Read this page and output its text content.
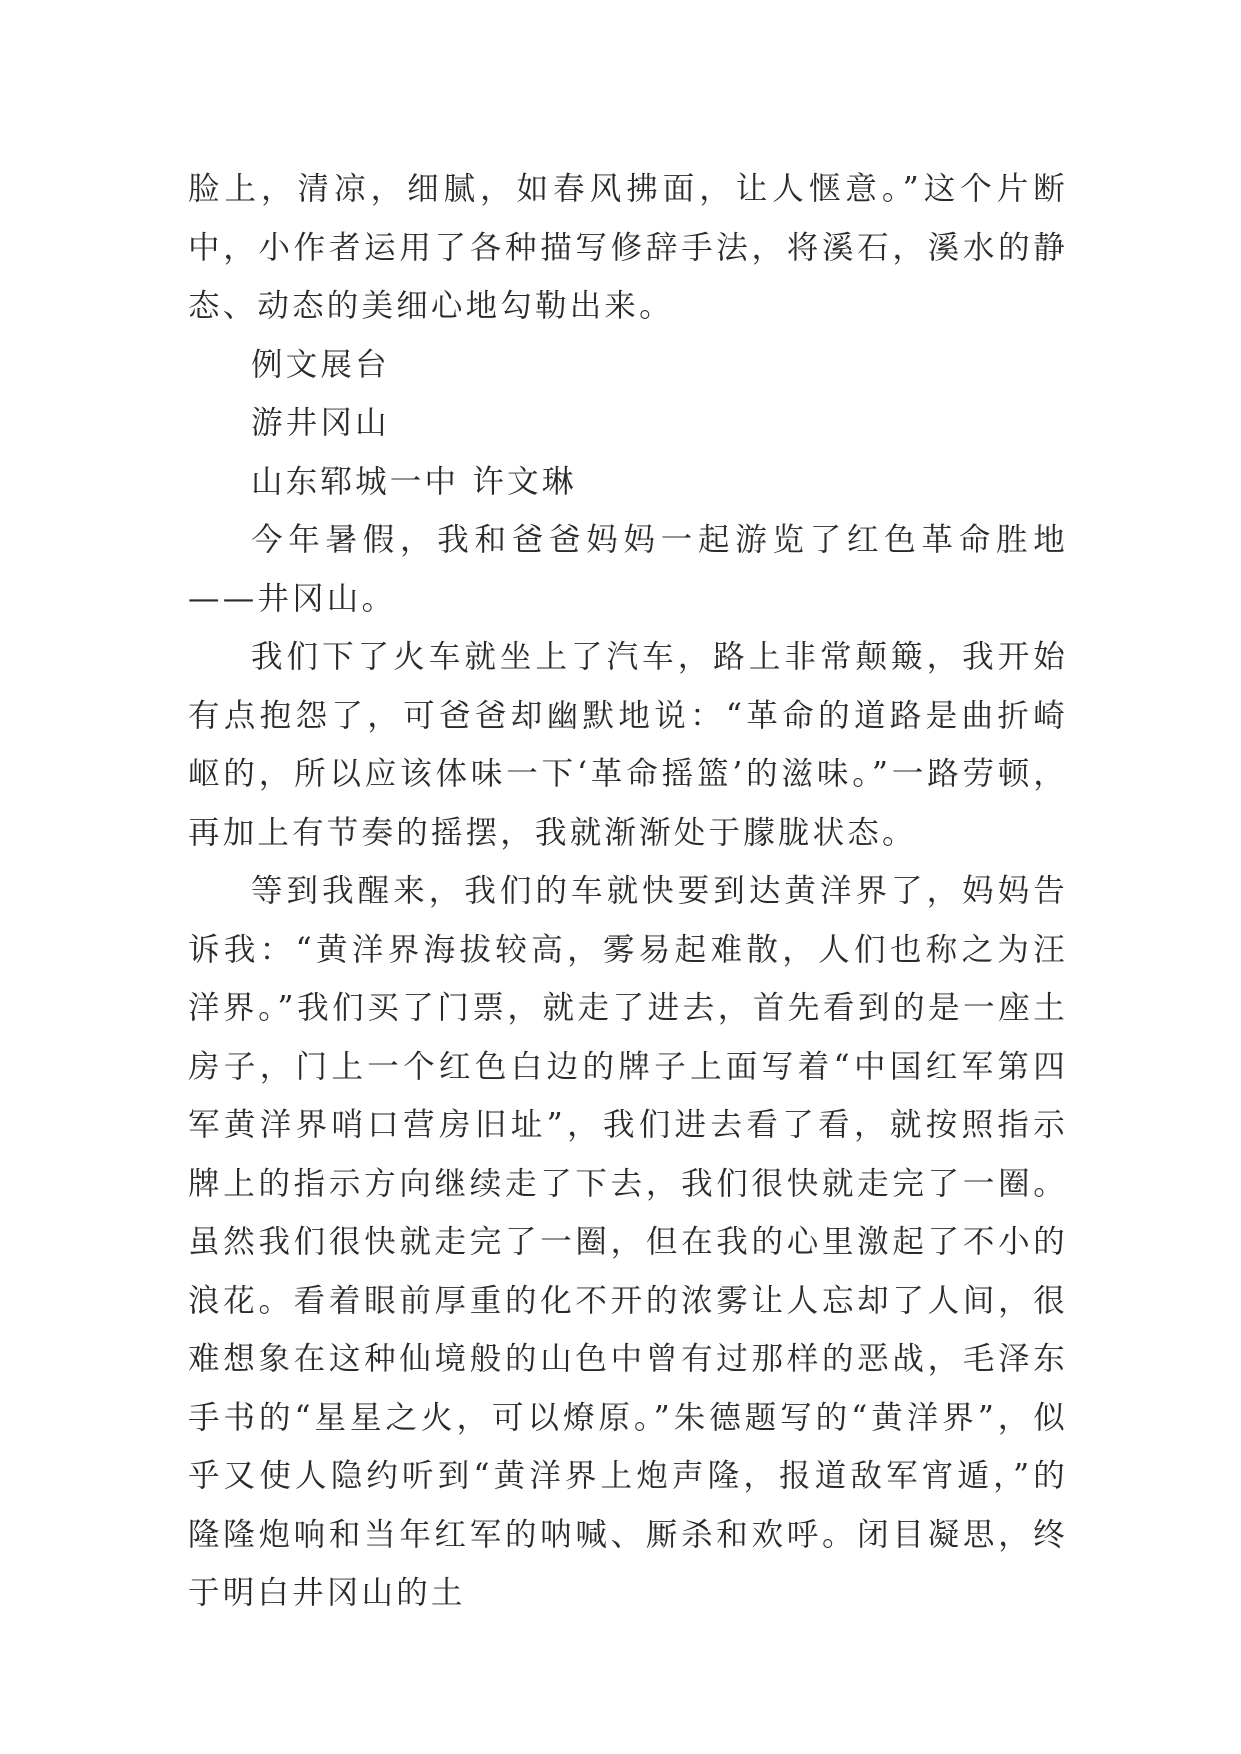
脸上，清凉，细腻，如春风拂面，让人惬意。”这个片断中，小作者运用了各种描写修辞手法，将溪石，溪水的静态、动态的美细心地勾勒出来。

例文展台

游井冈山

山东郓城一中 许文琳

今年暑假，我和爸爸妈妈一起游览了红色革命胜地——井冈山。

我们下了火车就坐上了汽车，路上非常颠簸，我开始有点抱怨了，可爸爸却幽默地说：“革命的道路是曲折崎岖的，所以应该体味一下‘革命摇篮’的滋味。”一路劳顿，再加上有节奏的摇摆，我就渐渐处于朦胧状态。

等到我醒来，我们的车就快要到达黄洋界了，妈妈告诉我：“黄洋界海拔较高，雾易起难散，人们也称之为汪洋界。”我们买了门票，就走了进去，首先看到的是一座土房子，门上一个红色白边的牌子上面写着“中国红军第四军黄洋界哨口营房旧址”，我们进去看了看，就按照指示牌上的指示方向继续走了下去，我们很快就走完了一圈。虽然我们很快就走完了一圈，但在我的心里激起了不小的浪花。看着眼前厚重的化不开的浓雾让人忘却了人间，很难想象在这种仙境般的山色中曾有过那样的恶战，毛泽东手书的“星星之火，可以燎原。”朱德题写的“黄洋界”，似乎又使人隐约听到“黄洋界上炮声隆，报道敌军宵遁，”的隆隆炮响和当年红军的呐喊、厮杀和欢呼。闭目凝思，终于明白井冈山的土
